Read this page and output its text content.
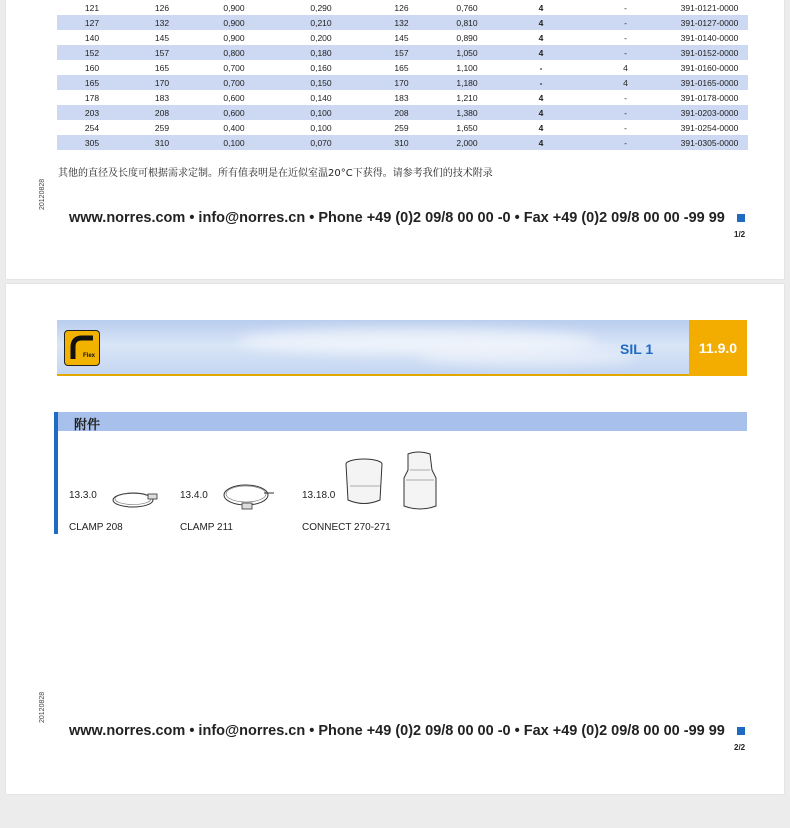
121	126	0,900	0,290	126	0,760	4	-	391-0121-0000
127	132	0,900	0,210	132	0,810	4	-	391-0127-0000
140	145	0,900	0,200	145	0,890	4	-	391-0140-0000
152	157	0,800	0,180	157	1,050	4	-	391-0152-0000
160	165	0,700	0,160	165	1,100	-	4	391-0160-0000
165	170	0,700	0,150	170	1,180	-	4	391-0165-0000
178	183	0,600	0,140	183	1,210	4	-	391-0178-0000
203	208	0,600	0,100	208	1,380	4	-	391-0203-0000
254	259	0,400	0,100	259	1,650	4	-	391-0254-0000
305	310	0,100	0,070	310	2,000	4	-	391-0305-0000
其他的直径及长度可根据需求定制。所有值表明是在近似室温20°C下获得。请参考我们的技术附录
20120828
www.norres.com • info@norres.cn • Phone +49 (0)2 09/8 00 00 -0 • Fax +49 (0)2 09/8 00 00 -99 99
1/2
Flex	SIL 1	11.9.0
附件
13.3.0
CLAMP 208
13.4.0
CLAMP 211
13.18.0
CONNECT 270-271
20120828
www.norres.com • info@norres.cn • Phone +49 (0)2 09/8 00 00 -0 • Fax +49 (0)2 09/8 00 00 -99 99
2/2
